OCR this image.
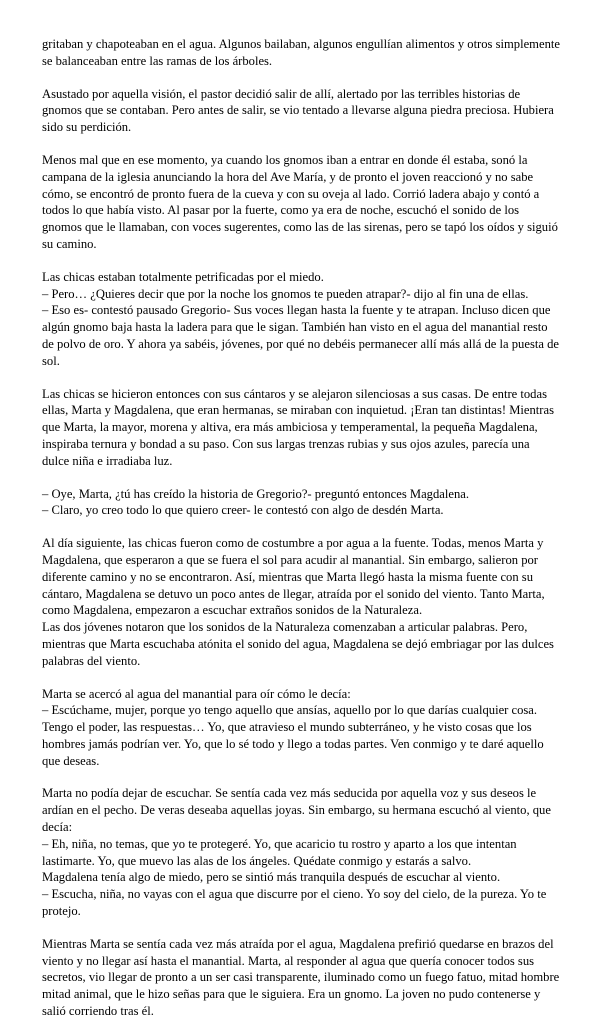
gritaban y chapoteaban en el agua. Algunos bailaban, algunos engullían alimentos y otros simplemente se balanceaban entre las ramas de los árboles.
Asustado por aquella visión, el pastor decidió salir de allí, alertado por las terribles historias de gnomos que se contaban. Pero antes de salir, se vio tentado a llevarse alguna piedra preciosa. Hubiera sido su perdición.
Menos mal que en ese momento, ya cuando los gnomos iban a entrar en donde él estaba, sonó la campana de la iglesia anunciando la hora del Ave María, y de pronto el joven reaccionó y no sabe cómo, se encontró de pronto fuera de la cueva y con su oveja al lado. Corrió ladera abajo y contó a todos lo que había visto. Al pasar por la fuerte, como ya era de noche, escuchó el sonido de los gnomos que le llamaban, con voces sugerentes, como las de las sirenas, pero se tapó los oídos y siguió su camino.
Las chicas estaban totalmente petrificadas por el miedo.
– Pero… ¿Quieres decir que por la noche los gnomos te pueden atrapar?- dijo al fin una de ellas.
– Eso es- contestó pausado Gregorio- Sus voces llegan hasta la fuente y te atrapan. Incluso dicen que algún gnomo baja hasta la ladera para que le sigan. También han visto en el agua del manantial resto de polvo de oro. Y ahora ya sabéis, jóvenes, por qué no debéis permanecer allí más allá de la puesta de sol.
Las chicas se hicieron entonces con sus cántaros y se alejaron silenciosas a sus casas. De entre todas ellas, Marta y Magdalena, que eran hermanas, se miraban con inquietud. ¡Eran tan distintas! Mientras que Marta, la mayor, morena y altiva, era más ambiciosa y temperamental, la pequeña Magdalena, inspiraba ternura y bondad a su paso. Con sus largas trenzas rubias y sus ojos azules, parecía una dulce niña e irradiaba luz.
– Oye, Marta, ¿tú has creído la historia de Gregorio?- preguntó entonces Magdalena.
– Claro, yo creo todo lo que quiero creer- le contestó con algo de desdén Marta.
Al día siguiente, las chicas fueron como de costumbre a por agua a la fuente. Todas, menos Marta y Magdalena, que esperaron a que se fuera el sol para acudir al manantial. Sin embargo, salieron por diferente camino y no se encontraron. Así, mientras que Marta llegó hasta la misma fuente con su cántaro, Magdalena se detuvo un poco antes de llegar, atraída por el sonido del viento. Tanto Marta, como Magdalena, empezaron a escuchar extraños sonidos de la Naturaleza.
Las dos jóvenes notaron que los sonidos de la Naturaleza comenzaban a articular palabras. Pero, mientras que Marta escuchaba atónita el sonido del agua, Magdalena se dejó embriagar por las dulces palabras del viento.
Marta se acercó al agua del manantial para oír cómo le decía:
– Escúchame, mujer, porque yo tengo aquello que ansías, aquello por lo que darías cualquier cosa. Tengo el poder, las respuestas… Yo, que atravieso el mundo subterráneo, y he visto cosas que los hombres jamás podrían ver. Yo, que lo sé todo y llego a todas partes. Ven conmigo y te daré aquello que deseas.
Marta no podía dejar de escuchar. Se sentía cada vez más seducida por aquella voz y sus deseos le ardían en el pecho. De veras deseaba aquellas joyas. Sin embargo, su hermana escuchó al viento, que decía:
– Eh, niña, no temas, que yo te protegeré. Yo, que acaricio tu rostro y aparto a los que intentan lastimarte. Yo, que muevo las alas de los ángeles. Quédate conmigo y estarás a salvo.
Magdalena tenía algo de miedo, pero se sintió más tranquila después de escuchar al viento.
– Escucha, niña, no vayas con el agua que discurre por el cieno. Yo soy del cielo, de la pureza. Yo te protejo.
Mientras Marta se sentía cada vez más atraída por el agua, Magdalena prefirió quedarse en brazos del viento y no llegar así hasta el manantial. Marta, al responder al agua que quería conocer todos sus secretos, vio llegar de pronto a un ser casi transparente, iluminado como un fuego fatuo, mitad hombre mitad animal, que le hizo señas para que le siguiera. Era un gnomo. La joven no pudo contenerse y salió corriendo tras él.
